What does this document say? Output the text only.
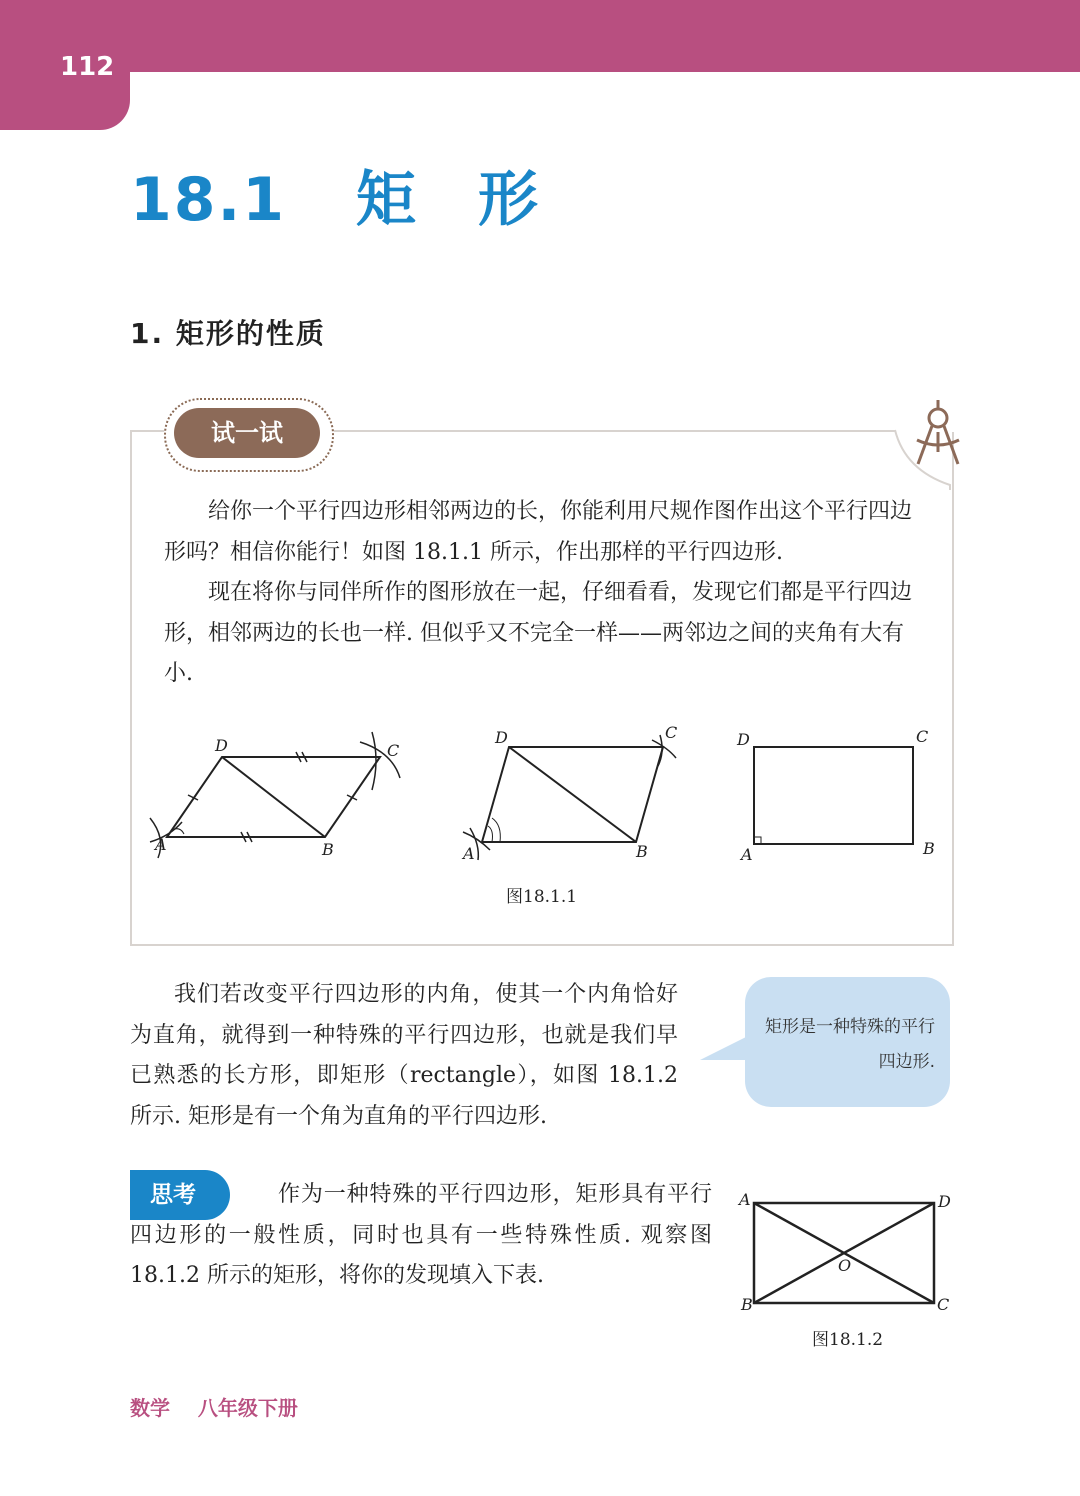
112
18.1 矩 形
1. 矩形的性质
试一试

给你一个平行四边形相邻两边的长，你能利用尺规作图作出这个平行四边形吗？相信你能行！如图 18.1.1 所示，作出那样的平行四边形.

现在将你与同伴所作的图形放在一起，仔细看看，发现它们都是平行四边形，相邻两边的长也一样. 但似乎又不完全一样——两邻边之间的夹角有大有小.

A	B
C
D
A	B
C
D
A	B
C
D
图18.1.1

我们若改变平行四边形的内角，使其一个内角恰好为直角，就得到一种特殊的平行四边形，也就是我们早已熟悉的长方形，即矩形（rectangle），如图 18.1.2 所示. 矩形是有一个角为直角的平行四边形.

矩形是一种特殊的平行四边形.
思考	作为一种特殊的平行四边形，矩形具有平行四边形的一般性质，同时也具有一些特殊性质. 观察图 18.1.2 所示的矩形，将你的发现填入下表.

A
B	C
D
O
图18.1.2
数学    八年级下册
